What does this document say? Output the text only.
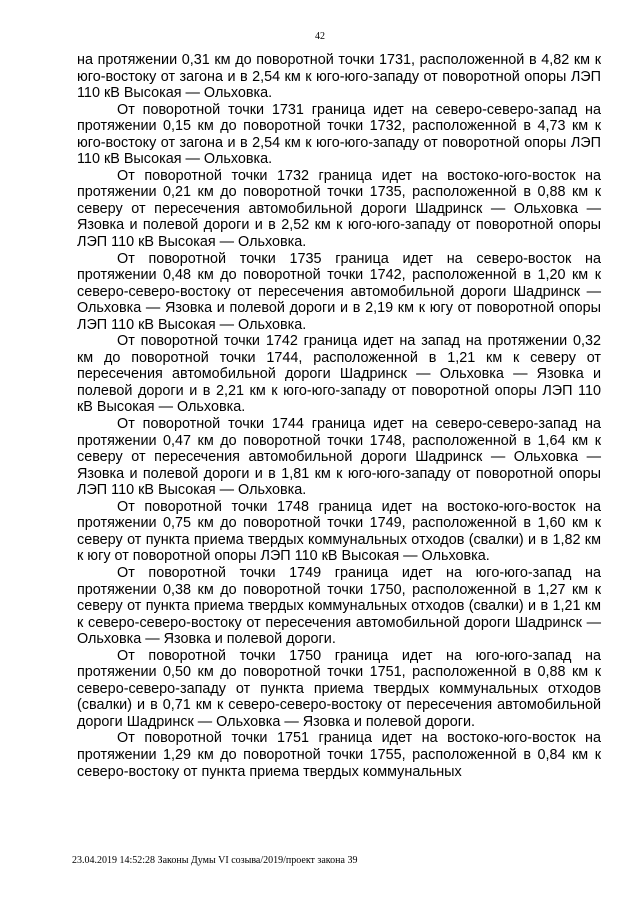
42

на протяжении 0,31 км до поворотной точки 1731, расположенной в 4,82 км к юго-востоку от загона и в 2,54 км к юго-юго-западу от поворотной опоры ЛЭП 110 кВ Высокая — Ольховка.

От поворотной точки 1731 граница идет на северо-северо-запад на протяжении 0,15 км до поворотной точки 1732, расположенной в 4,73 км к юго-востоку от загона и в 2,54 км к юго-юго-западу от поворотной опоры ЛЭП 110 кВ Высокая — Ольховка.

От поворотной точки 1732 граница идет на востоко-юго-восток на протяжении 0,21 км до поворотной точки 1735, расположенной в 0,88 км к северу от пересечения автомобильной дороги Шадринск — Ольховка — Язовка и полевой дороги и в 2,52 км к юго-юго-западу от поворотной опоры ЛЭП 110 кВ Высокая — Ольховка.

От поворотной точки 1735 граница идет на северо-восток на протяжении 0,48 км до поворотной точки 1742, расположенной в 1,20 км к северо-северо-востоку от пересечения автомобильной дороги Шадринск — Ольховка — Язовка и полевой дороги и в 2,19 км к югу от поворотной опоры ЛЭП 110 кВ Высокая — Ольховка.

От поворотной точки 1742 граница идет на запад на протяжении 0,32 км до поворотной точки 1744, расположенной в 1,21 км к северу от пересечения автомобильной дороги Шадринск — Ольховка — Язовка и полевой дороги и в 2,21 км к юго-юго-западу от поворотной опоры ЛЭП 110 кВ Высокая — Ольховка.

От поворотной точки 1744 граница идет на северо-северо-запад на протяжении 0,47 км до поворотной точки 1748, расположенной в 1,64 км к северу от пересечения автомобильной дороги Шадринск — Ольховка — Язовка и полевой дороги и в 1,81 км к юго-юго-западу от поворотной опоры ЛЭП 110 кВ Высокая — Ольховка.

От поворотной точки 1748 граница идет на востоко-юго-восток на протяжении 0,75 км до поворотной точки 1749, расположенной в 1,60 км к северу от пункта приема твердых коммунальных отходов (свалки) и в 1,82 км к югу от поворотной опоры ЛЭП 110 кВ Высокая — Ольховка.

От поворотной точки 1749 граница идет на юго-юго-запад на протяжении 0,38 км до поворотной точки 1750, расположенной в 1,27 км к северу от пункта приема твердых коммунальных отходов (свалки) и в 1,21 км к северо-северо-востоку от пересечения автомобильной дороги Шадринск — Ольховка — Язовка и полевой дороги.

От поворотной точки 1750 граница идет на юго-юго-запад на протяжении 0,50 км до поворотной точки 1751, расположенной в 0,88 км к северо-северо-западу от пункта приема твердых коммунальных отходов (свалки) и в 0,71 км к северо-северо-востоку от пересечения автомобильной дороги Шадринск — Ольховка — Язовка и полевой дороги.

От поворотной точки 1751 граница идет на востоко-юго-восток на протяжении 1,29 км до поворотной точки 1755, расположенной в 0,84 км к северо-востоку от пункта приема твердых коммунальных

23.04.2019 14:52:28 Законы Думы VI созыва/2019/проект закона 39
